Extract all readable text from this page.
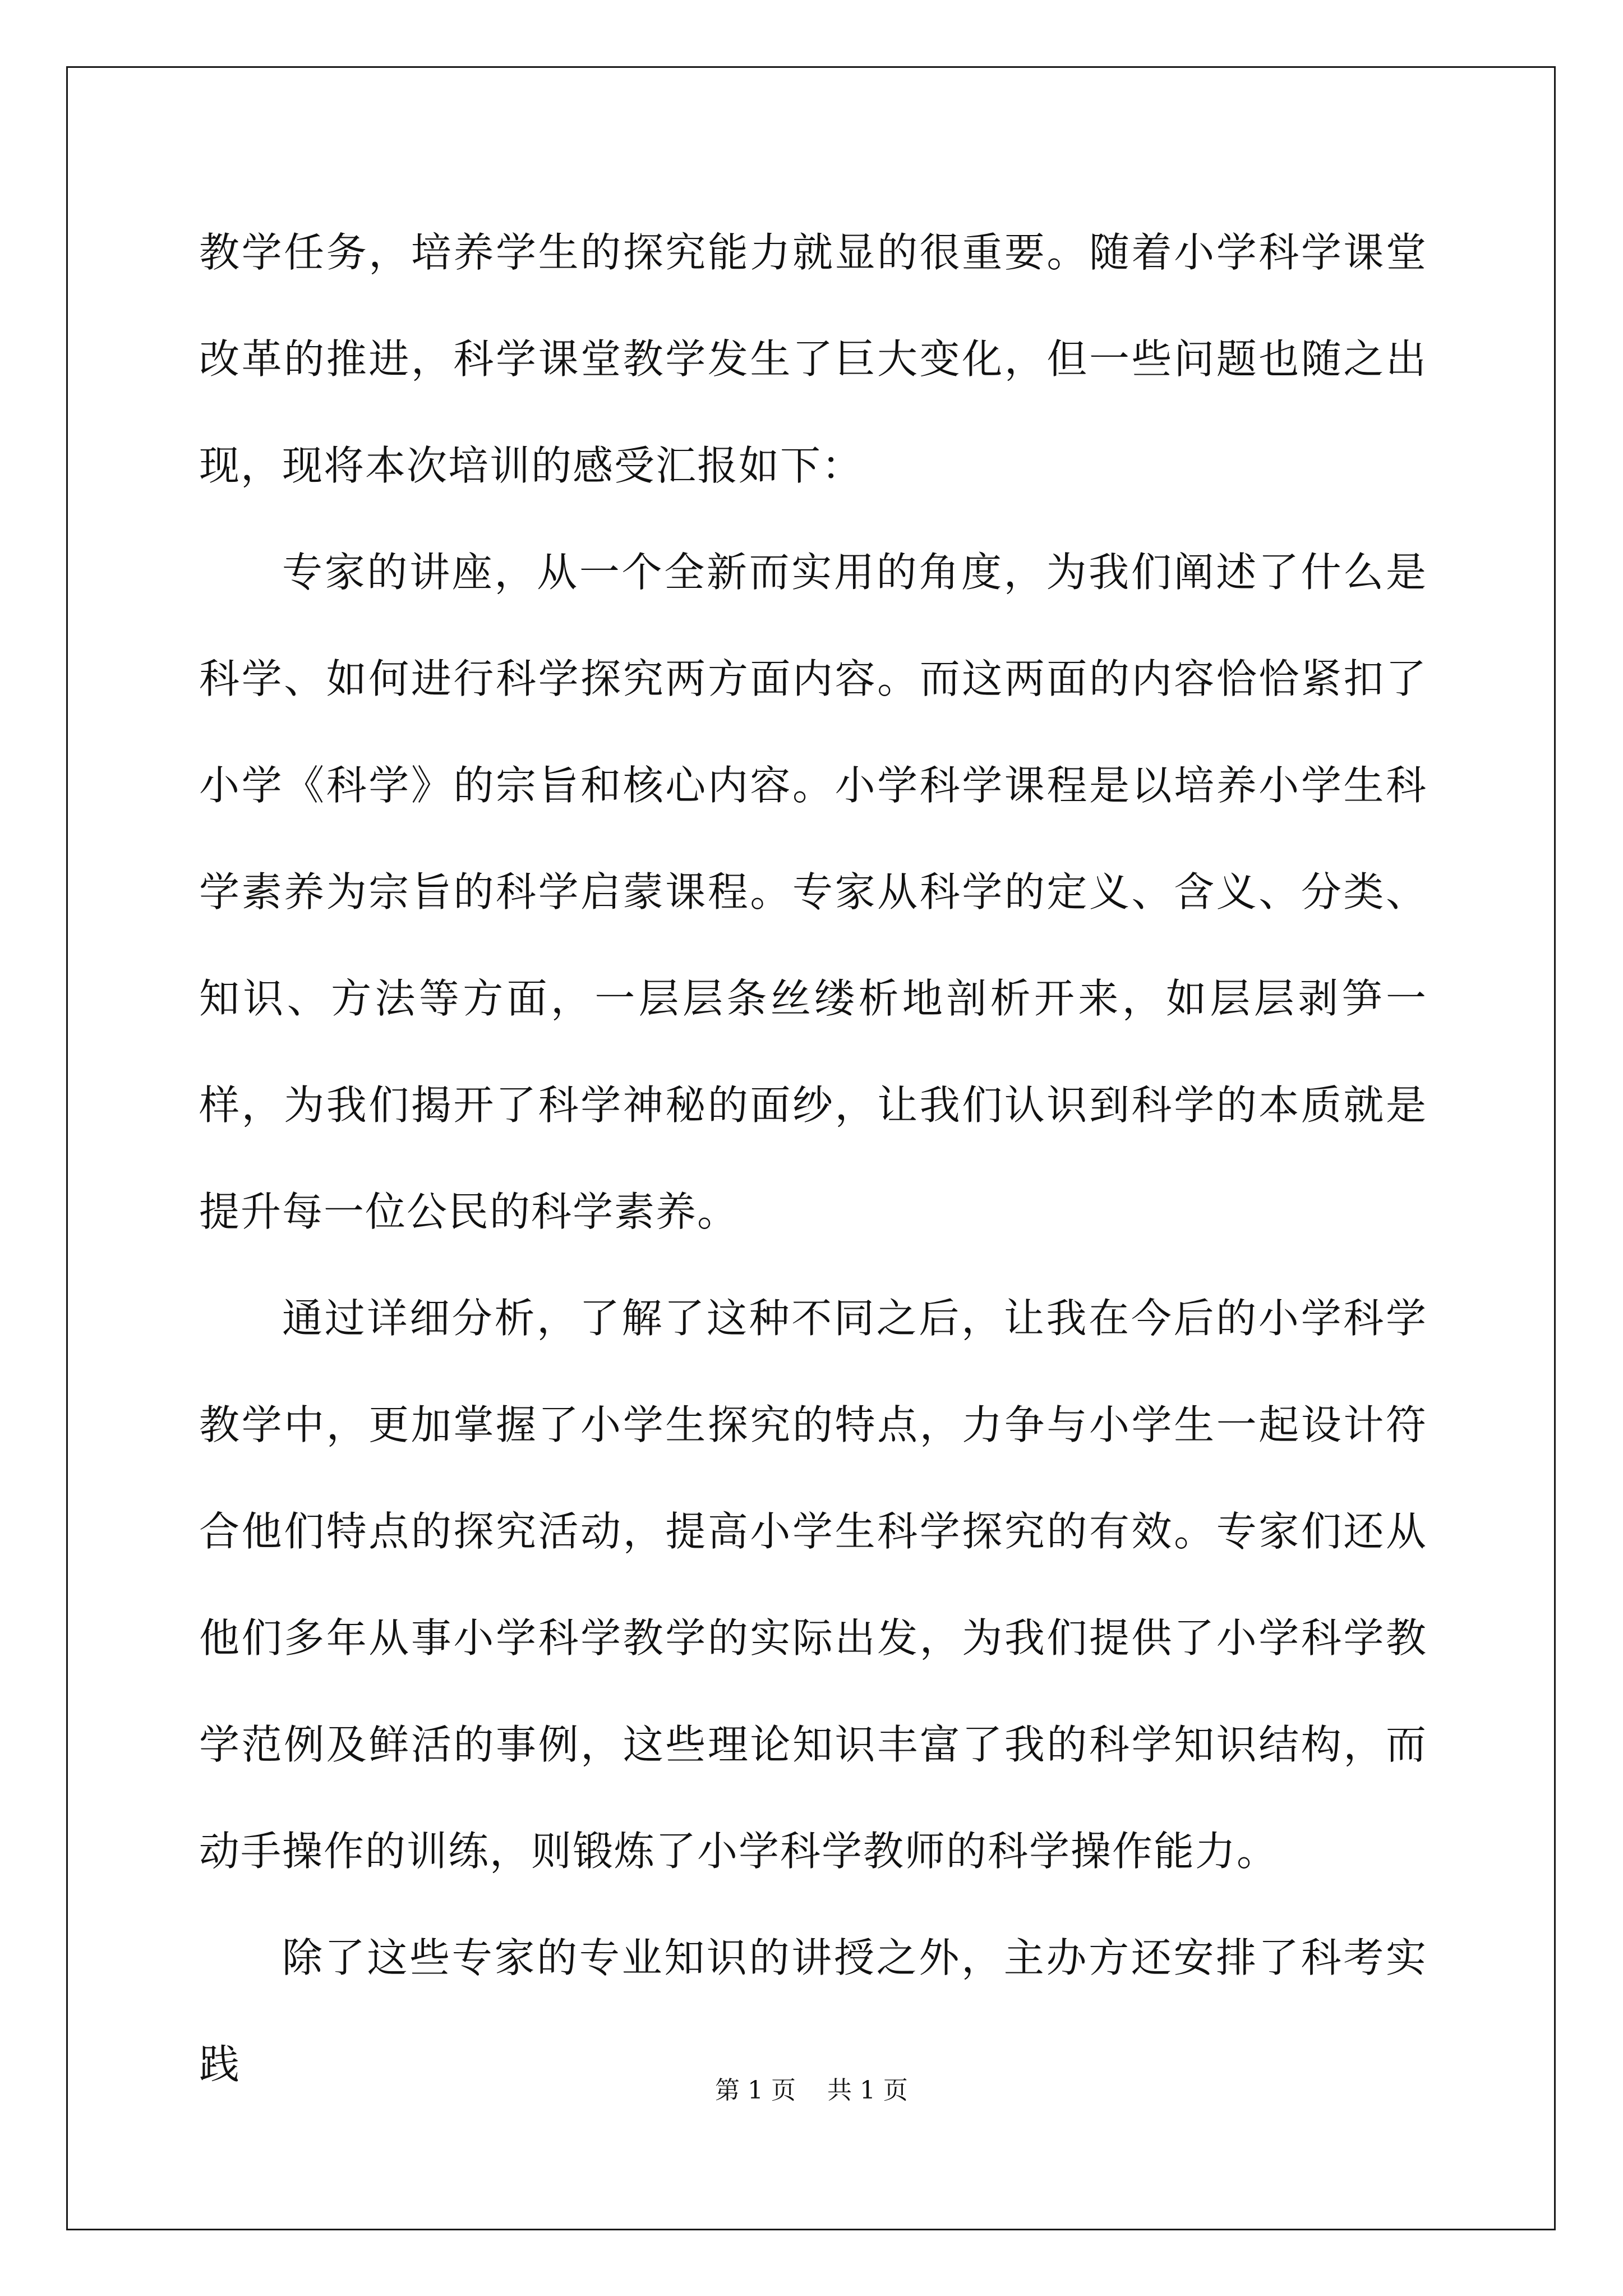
教学任务，培养学生的探究能力就显的很重要。随着小学科学课堂改革的推进，科学课堂教学发生了巨大变化，但一些问题也随之出现，现将本次培训的感受汇报如下：

专家的讲座，从一个全新而实用的角度，为我们阐述了什么是科学、如何进行科学探究两方面内容。而这两面的内容恰恰紧扣了小学《科学》的宗旨和核心内容。小学科学课程是以培养小学生科学素养为宗旨的科学启蒙课程。专家从科学的定义、含义、分类、知识、方法等方面，一层层条丝缕析地剖析开来，如层层剥笋一样，为我们揭开了科学神秘的面纱，让我们认识到科学的本质就是提升每一位公民的科学素养。

通过详细分析，了解了这种不同之后，让我在今后的小学科学教学中，更加掌握了小学生探究的特点，力争与小学生一起设计符合他们特点的探究活动，提高小学生科学探究的有效。专家们还从他们多年从事小学科学教学的实际出发，为我们提供了小学科学教学范例及鲜活的事例，这些理论知识丰富了我的科学知识结构，而动手操作的训练，则锻炼了小学科学教师的科学操作能力。

除了这些专家的专业知识的讲授之外，主办方还安排了科考实践

第 1 页    共 1 页
